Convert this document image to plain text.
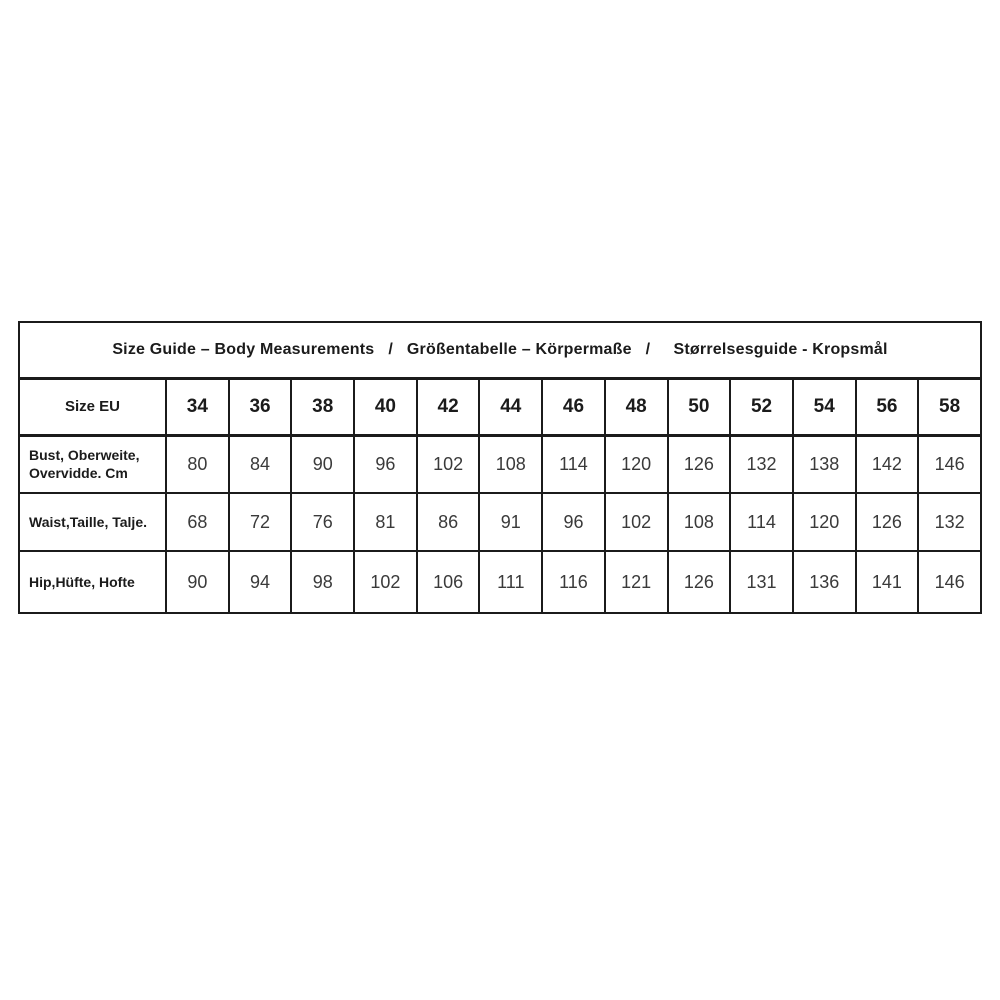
Size Guide – Body Measurements   /   Größentabelle – Körpermaße   /     Størrelsesguide - Kropsmål													
Size EU	34	36	38	40	42	44	46	48	50	52	54	56	58
Bust, Oberweite, Overvidde. Cm	80	84	90	96	102	108	114	120	126	132	138	142	146
Waist,Taille, Talje.	68	72	76	81	86	91	96	102	108	114	120	126	132
Hip,Hüfte, Hofte	90	94	98	102	106	111	116	121	126	131	136	141	146
